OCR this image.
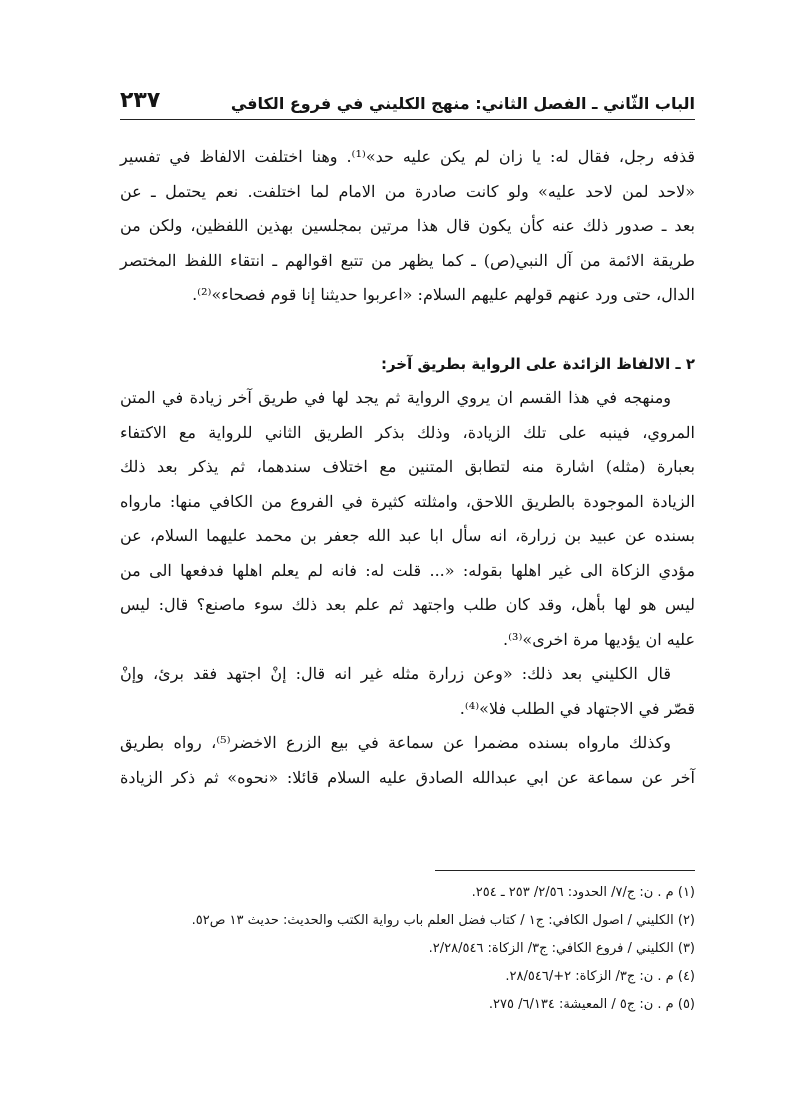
٢٣٧	الباب الثّاني ـ الفصل الثاني: منهج الكليني في فروع الكافي
قذفه رجل، فقال له: يا زان لم يكن عليه حد»⁽¹⁾. وهنا اختلفت الالفاظ في تفسير
«لاحد لمن لاحد عليه» ولو كانت صادرة من الامام لما اختلفت. نعم يحتمل ـ عن
بعد ـ صدور ذلك عنه كأن يكون قال هذا مرتين بمجلسين بهذين اللفظين، ولكن من
طريقة الائمة من آل النبي(ص) ـ كما يظهر من تتبع اقوالهم ـ انتقاء اللفظ المختصر
الدال، حتى ورد عنهم قولهم عليهم السلام: «اعربوا حديثنا إنا قوم فصحاء»⁽²⁾.
٢ ـ الالفاظ الزائدة على الرواية بطريق آخر:
ومنهجه في هذا القسم ان يروي الرواية ثم يجد لها في طريق آخر زيادة في المتن
المروي، فينبه على تلك الزيادة، وذلك بذكر الطريق الثاني للرواية مع الاكتفاء
بعبارة (مثله) اشارة منه لتطابق المتنين مع اختلاف سندهما، ثم يذكر بعد ذلك
الزيادة الموجودة بالطريق اللاحق، وامثلته كثيرة في الفروع من الكافي منها: مارواه
بسنده عن عبيد بن زرارة، انه سأل ابا عبد الله جعفر بن محمد عليهما السلام، عن
مؤدي الزكاة الى غير اهلها بقوله: «... قلت له: فانه لم يعلم اهلها فدفعها الى من
ليس هو لها بأهل، وقد كان طلب واجتهد ثم علم بعد ذلك سوء ماصنع؟ قال: ليس
عليه ان يؤديها مرة اخرى»⁽³⁾.
قال الكليني بعد ذلك: «وعن زرارة مثله غير انه قال: إنْ اجتهد فقد برئ، وإنْ
قصّر في الاجتهاد في الطلب فلا»⁽⁴⁾.
وكذلك مارواه بسنده مضمرا عن سماعة في بيع الزرع الاخضر⁽⁵⁾، رواه بطريق
آخر عن سماعة عن ابي عبدالله الصادق عليه السلام قائلا: «نحوه» ثم ذكر الزيادة
(١) م . ن: ج/٧/ الحدود: ٢/٥٦/ ٢٥٣ ـ ٢٥٤.
(٢) الكليني / اصول الكافي: ج١ / كتاب فضل العلم باب رواية الكتب والحديث: حديث ١٣ ص٥٢.
(٣) الكليني / فروع الكافي: ج٣/ الزكاة: ٢/٢٨/٥٤٦.
(٤) م . ن: ج٣/ الزكاة: ٢+/٢٨/٥٤٦.
(٥) م . ن: ج٥ / المعيشة: ٦/١٣٤/ ٢٧٥.
